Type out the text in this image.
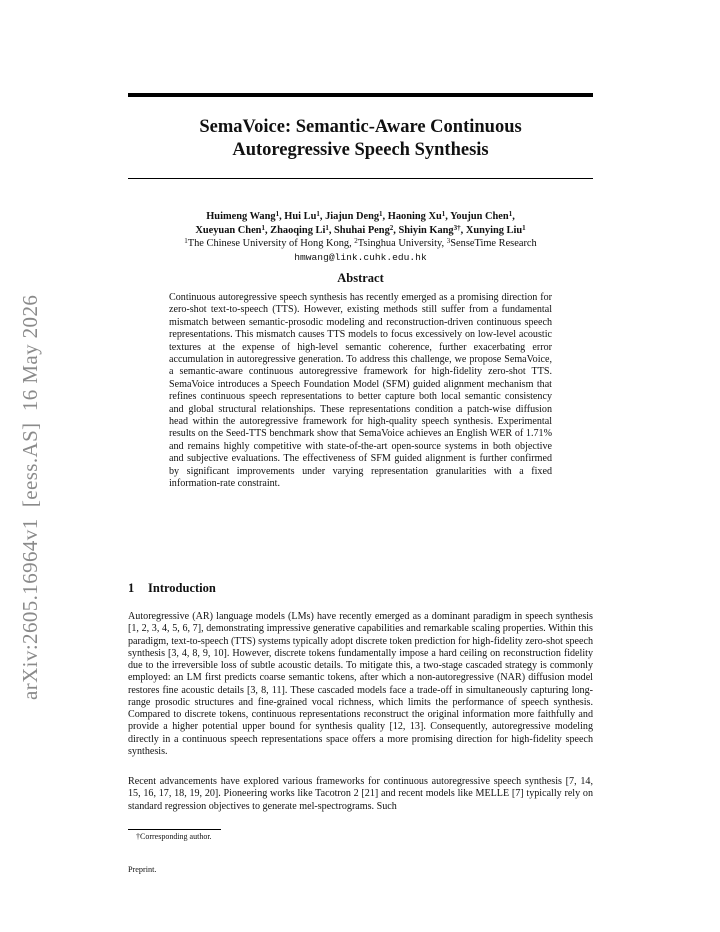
arXiv:2605.16964v1  [eess.AS]  16 May 2026
SemaVoice: Semantic-Aware Continuous
Autoregressive Speech Synthesis
Huimeng Wang$^1$, Hui Lu$^1$, Jiajun Deng$^1$, Haoning Xu$^1$, Youjun Chen$^1$,
Xueyuan Chen$^1$, Zhaoqing Li$^1$, Shuhai Peng$^2$, Shiyin Kang$^{3\dagger}$, Xunying Liu$^1$
$^1$The Chinese University of Hong Kong, $^2$Tsinghua University, $^3$SenseTime Research
hmwang@link.cuhk.edu.hk
Abstract

Continuous autoregressive speech synthesis has recently emerged as a promising direction for zero-shot text-to-speech (TTS). However, existing methods still suffer from a fundamental mismatch between semantic-prosodic modeling and reconstruction-driven continuous speech representations. This mismatch causes TTS models to focus excessively on low-level acoustic textures at the expense of high-level semantic coherence, further exacerbating error accumulation in autoregressive generation. To address this challenge, we propose SemaVoice, a semantic-aware continuous autoregressive framework for high-fidelity zero-shot TTS. SemaVoice introduces a Speech Foundation Model (SFM) guided alignment mechanism that refines continuous speech representations to better capture both local semantic consistency and global structural relationships. These representations condition a patch-wise diffusion head within the autoregressive framework for high-quality speech synthesis. Experimental results on the Seed-TTS benchmark show that SemaVoice achieves an English WER of 1.71% and remains highly competitive with state-of-the-art open-source systems in both objective and subjective evaluations. The effectiveness of SFM guided alignment is further confirmed by significant improvements under varying representation granularities with a fixed information-rate constraint.

1 Introduction

Autoregressive (AR) language models (LMs) have recently emerged as a dominant paradigm in speech synthesis [1, 2, 3, 4, 5, 6, 7], demonstrating impressive generative capabilities and remarkable scaling properties. Within this paradigm, text-to-speech (TTS) systems typically adopt discrete token prediction for high-fidelity zero-shot speech synthesis [3, 4, 8, 9, 10]. However, discrete tokens fundamentally impose a hard ceiling on reconstruction fidelity due to the irreversible loss of subtle acoustic details. To mitigate this, a two-stage cascaded strategy is commonly employed: an LM first predicts coarse semantic tokens, after which a non-autoregressive (NAR) diffusion model restores fine acoustic details [3, 8, 11]. These cascaded models face a trade-off in simultaneously capturing long-range prosodic structures and fine-grained vocal richness, which limits the performance of speech synthesis. Compared to discrete tokens, continuous representations reconstruct the original information more faithfully and provide a higher potential upper bound for synthesis quality [12, 13]. Consequently, autoregressive modeling directly in a continuous speech representations space offers a more promising direction for high-fidelity speech synthesis.

Recent advancements have explored various frameworks for continuous autoregressive speech synthesis [7, 14, 15, 16, 17, 18, 19, 20]. Pioneering works like Tacotron 2 [21] and recent models like MELLE [7] typically rely on standard regression objectives to generate mel-spectrograms. Such

†Corresponding author.
Preprint.
